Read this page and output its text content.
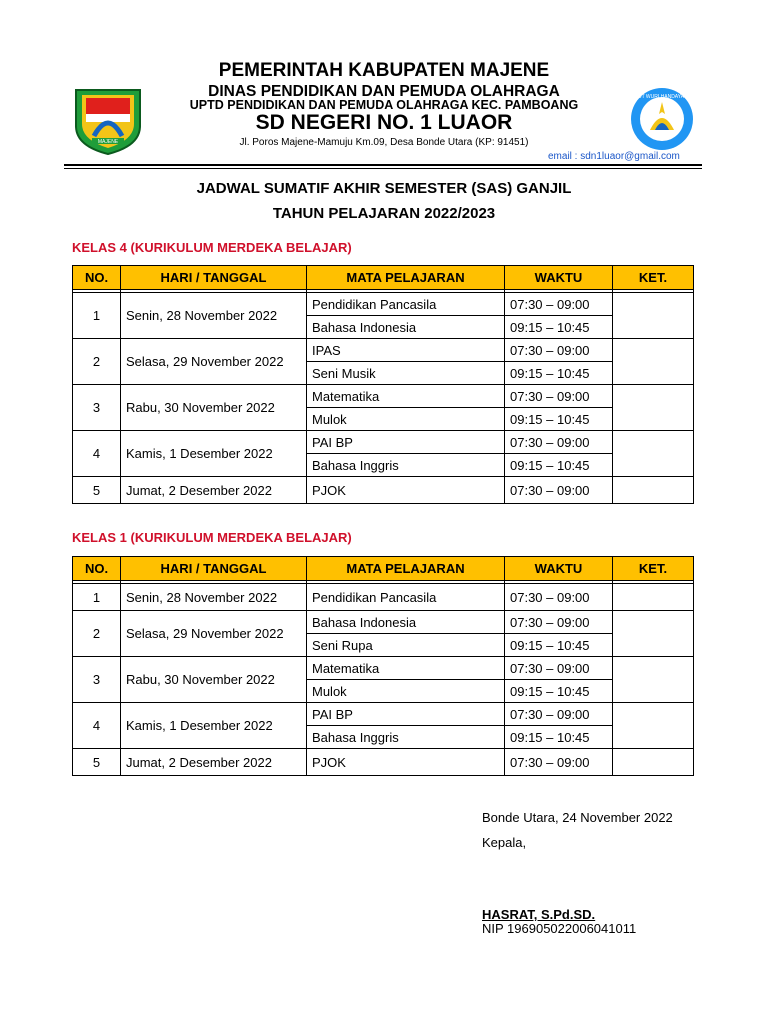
MAJENE
TUT WURI HANDAYANI
PEMERINTAH KABUPATEN MAJENE
DINAS PENDIDIKAN DAN PEMUDA OLAHRAGA
UPTD PENDIDIKAN DAN PEMUDA OLAHRAGA KEC. PAMBOANG
SD NEGERI NO. 1 LUAOR
Jl. Poros Majene-Mamuju Km.09, Desa Bonde Utara (KP: 91451)
email : sdn1luaor@gmail.com
JADWAL SUMATIF AKHIR SEMESTER (SAS) GANJIL
TAHUN PELAJARAN 2022/2023
KELAS 4 (KURIKULUM MERDEKA BELAJAR)
NO.	HARI / TANGGAL	MATA PELAJARAN	WAKTU	KET.

1	Senin, 28 November 2022	Pendidikan Pancasila	07:30 – 09:00	
		Bahasa Indonesia	09:15 – 10:45	
2	Selasa, 29 November 2022	IPAS	07:30 – 09:00	
		Seni Musik	09:15 – 10:45	
3	Rabu, 30 November 2022	Matematika	07:30 – 09:00	
		Mulok	09:15 – 10:45	
4	Kamis, 1 Desember 2022	PAI BP	07:30 – 09:00	
		Bahasa Inggris	09:15 – 10:45	
5	Jumat, 2 Desember 2022	PJOK	07:30 – 09:00	
KELAS 1 (KURIKULUM MERDEKA BELAJAR)
NO.	HARI / TANGGAL	MATA PELAJARAN	WAKTU	KET.

1	Senin, 28 November 2022	Pendidikan Pancasila	07:30 – 09:00	
2	Selasa, 29 November 2022	Bahasa Indonesia	07:30 – 09:00	
		Seni Rupa	09:15 – 10:45	
3	Rabu, 30 November 2022	Matematika	07:30 – 09:00	
		Mulok	09:15 – 10:45	
4	Kamis, 1 Desember 2022	PAI BP	07:30 – 09:00	
		Bahasa Inggris	09:15 – 10:45	
5	Jumat, 2 Desember 2022	PJOK	07:30 – 09:00	
Bonde Utara, 24 November 2022
Kepala,
HASRAT, S.Pd.SD.
NIP 196905022006041011
